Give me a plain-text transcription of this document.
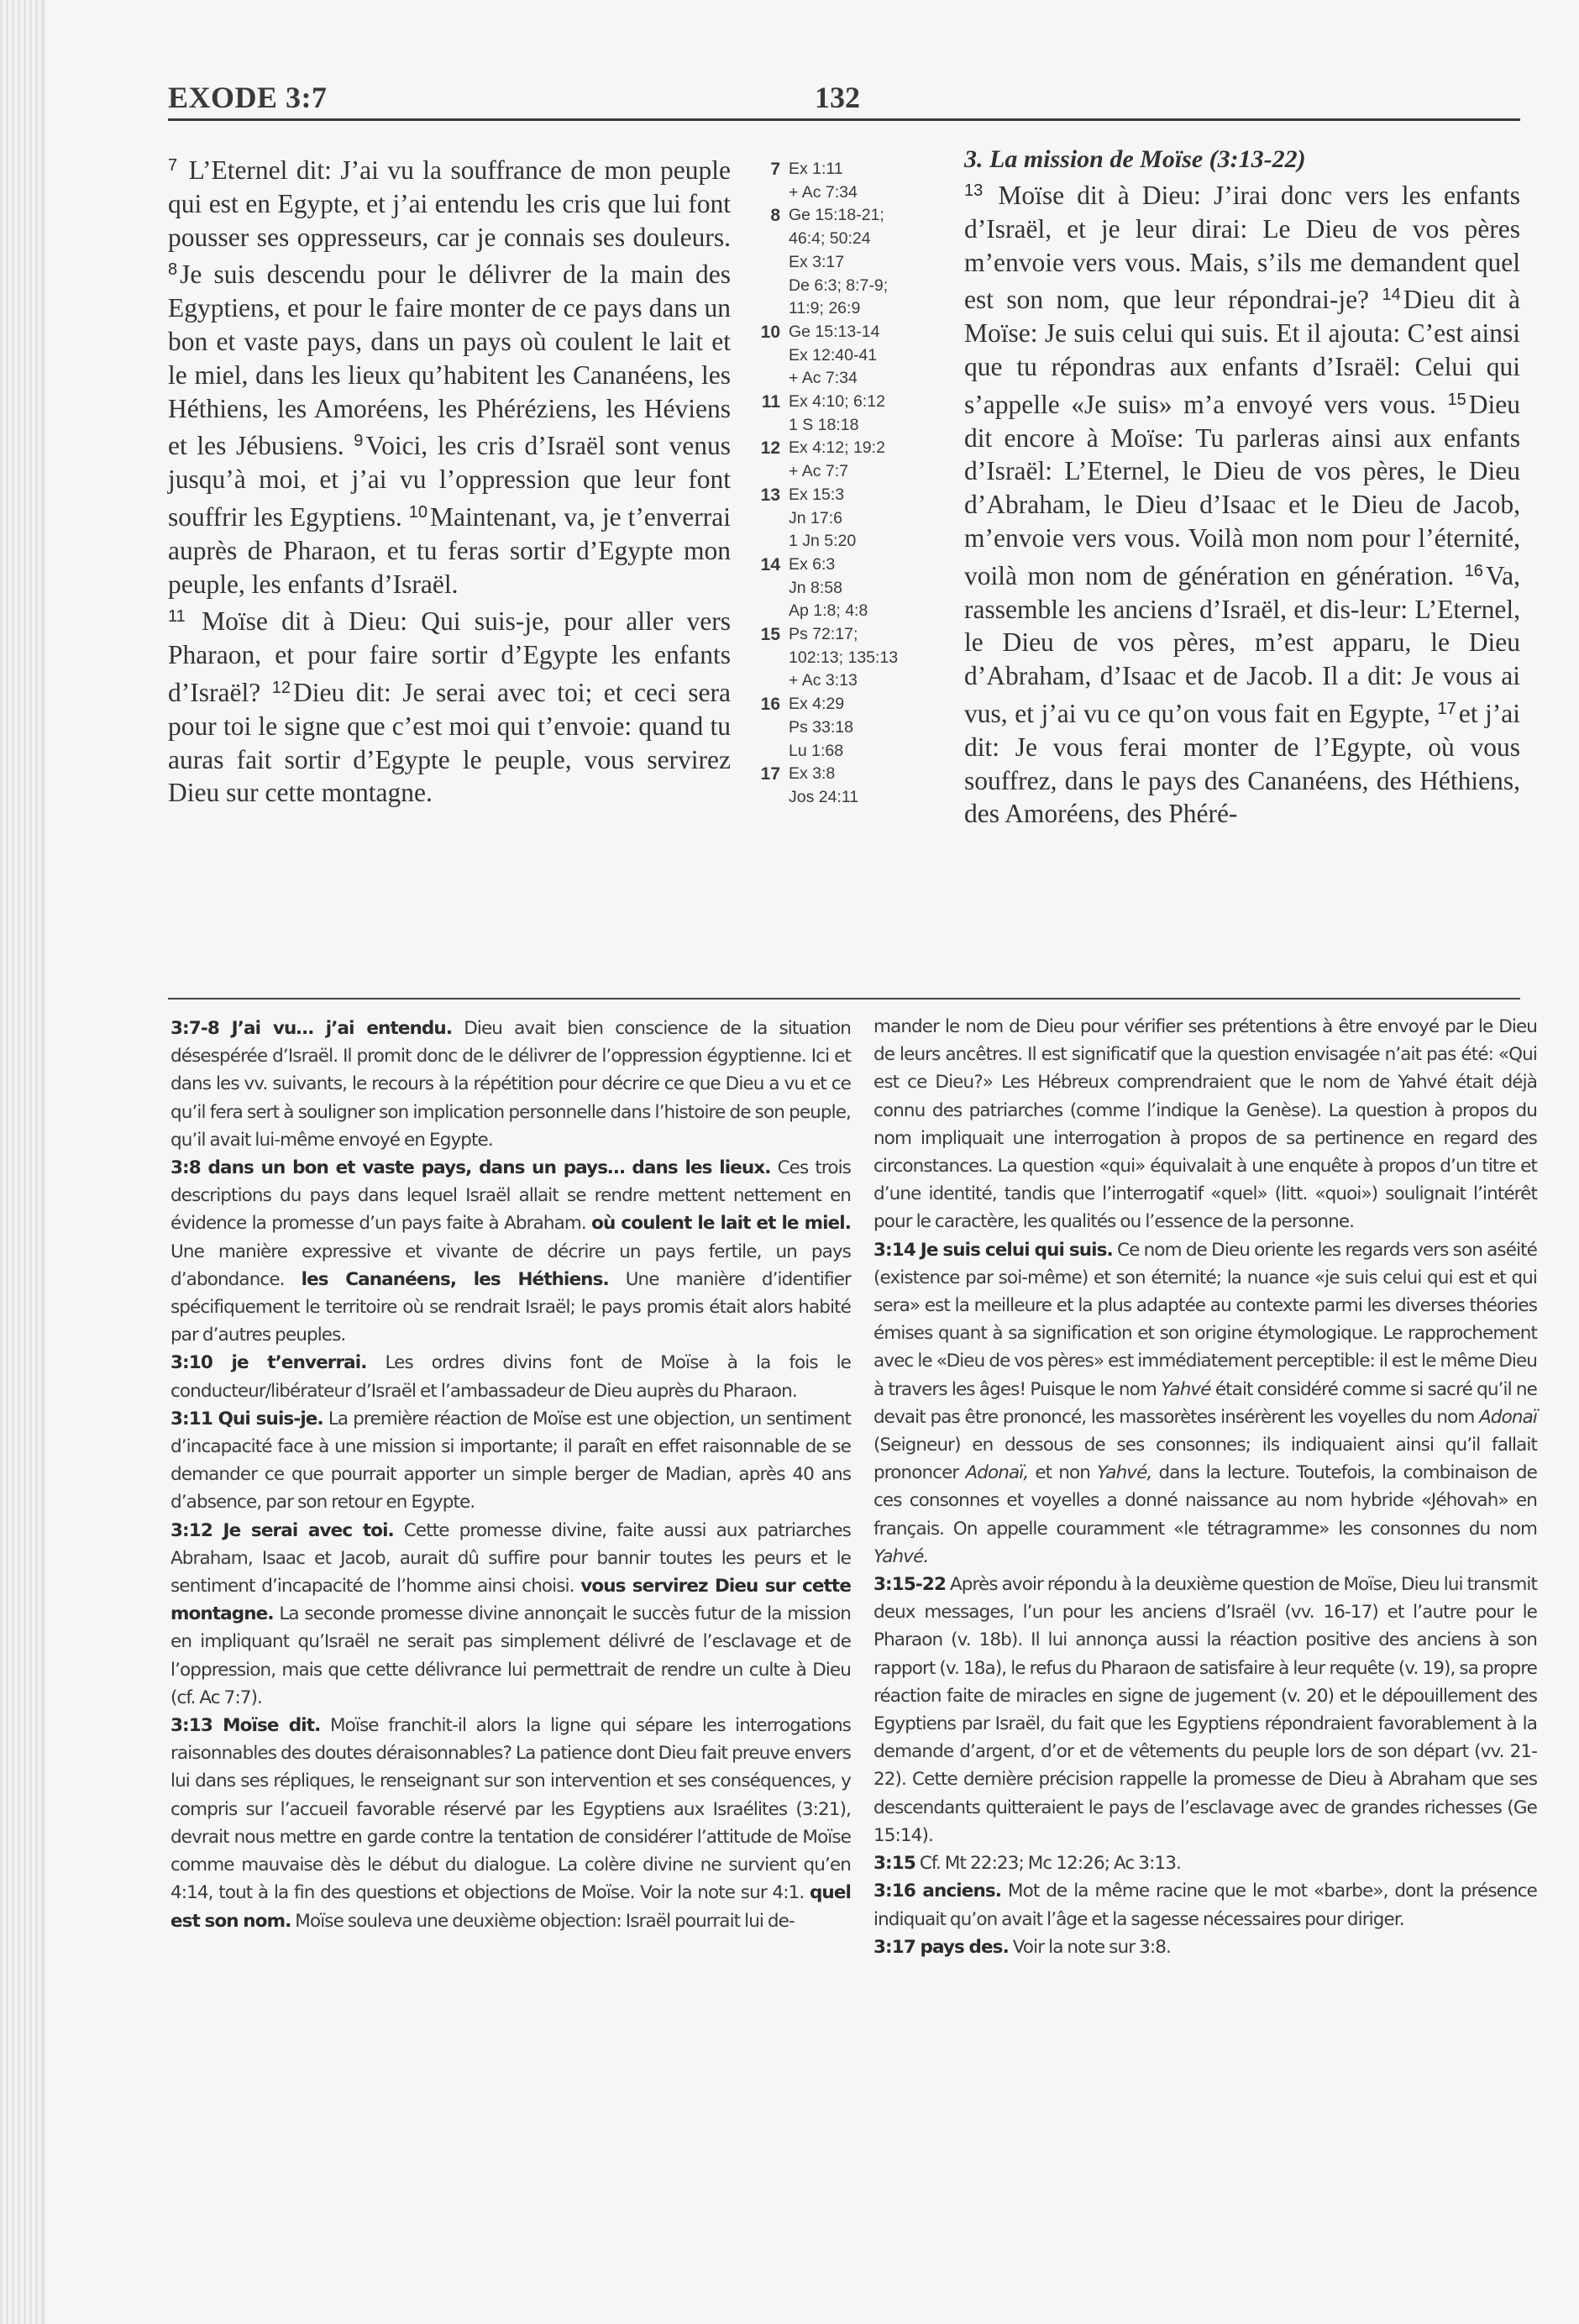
EXODE 3:7	132

$^7$ L’Eternel dit: J’ai vu la souffrance de mon peuple qui est en Egypte, et j’ai entendu les cris que lui font pousser ses oppresseurs, car je connais ses douleurs. $^8$Je suis descendu pour le délivrer de la main des Egyptiens, et pour le faire monter de ce pays dans un bon et vaste pays, dans un pays où coulent le lait et le miel, dans les lieux qu’habitent les Cananéens, les Héthiens, les Amoréens, les Phéréziens, les Héviens et les Jébusiens. $^9$Voici, les cris d’Israël sont venus jusqu’à moi, et j’ai vu l’oppression que leur font souffrir les Egyptiens. $^{10}$Maintenant, va, je t’enverrai auprès de Pharaon, et tu feras sortir d’Egypte mon peuple, les enfants d’Israël.

$^{11}$ Moïse dit à Dieu: Qui suis-je, pour aller vers Pharaon, et pour faire sortir d’Egypte les enfants d’Israël? $^{12}$Dieu dit: Je serai avec toi; et ceci sera pour toi le signe que c’est moi qui t’envoie: quand tu auras fait sortir d’Egypte le peuple, vous servirez Dieu sur cette montagne.

7 Ex 1:11
+ Ac 7:34
8 Ge 15:18-21;
46:4; 50:24
Ex 3:17
De 6:3; 8:7-9;
11:9; 26:9
10 Ge 15:13-14
Ex 12:40-41
+ Ac 7:34
11 Ex 4:10; 6:12
1 S 18:18
12 Ex 4:12; 19:2
+ Ac 7:7
13 Ex 15:3
Jn 17:6
1 Jn 5:20
14 Ex 6:3
Jn 8:58
Ap 1:8; 4:8
15 Ps 72:17;
102:13; 135:13
+ Ac 3:13
16 Ex 4:29
Ps 33:18
Lu 1:68
17 Ex 3:8
Jos 24:11

3. La mission de Moïse (3:13-22)

$^{13}$ Moïse dit à Dieu: J’irai donc vers les enfants d’Israël, et je leur dirai: Le Dieu de vos pères m’envoie vers vous. Mais, s’ils me demandent quel est son nom, que leur répondrai-je? $^{14}$Dieu dit à Moïse: Je suis celui qui suis. Et il ajouta: C’est ainsi que tu répondras aux enfants d’Israël: Celui qui s’appelle «Je suis» m’a envoyé vers vous. $^{15}$Dieu dit encore à Moïse: Tu parleras ainsi aux enfants d’Israël: L’Eternel, le Dieu de vos pères, le Dieu d’Abraham, le Dieu d’Isaac et le Dieu de Jacob, m’envoie vers vous. Voilà mon nom pour l’éternité, voilà mon nom de génération en génération. $^{16}$Va, rassemble les anciens d’Israël, et dis-leur: L’Eternel, le Dieu de vos pères, m’est apparu, le Dieu d’Abraham, d’Isaac et de Jacob. Il a dit: Je vous ai vus, et j’ai vu ce qu’on vous fait en Egypte, $^{17}$et j’ai dit: Je vous ferai monter de l’Egypte, où vous souffrez, dans le pays des Cananéens, des Héthiens, des Amoréens, des Phéré-

3:7-8 J’ai vu… j’ai entendu. Dieu avait bien conscience de la situation désespérée d’Israël. Il promit donc de le délivrer de l’oppression égyptienne. Ici et dans les vv. suivants, le recours à la répétition pour décrire ce que Dieu a vu et ce qu’il fera sert à souligner son implication personnelle dans l’histoire de son peuple, qu’il avait lui-même envoyé en Egypte.

3:8 dans un bon et vaste pays, dans un pays… dans les lieux. Ces trois descriptions du pays dans lequel Israël allait se rendre mettent nettement en évidence la promesse d’un pays faite à Abraham. où coulent le lait et le miel. Une manière expressive et vivante de décrire un pays fertile, un pays d’abondance. les Cananéens, les Héthiens. Une manière d’identifier spécifiquement le territoire où se rendrait Israël; le pays promis était alors habité par d’autres peuples.

3:10 je t’enverrai. Les ordres divins font de Moïse à la fois le conducteur/libérateur d’Israël et l’ambassadeur de Dieu auprès du Pharaon.

3:11 Qui suis-je. La première réaction de Moïse est une objection, un sentiment d’incapacité face à une mission si importante; il paraît en effet raisonnable de se demander ce que pourrait apporter un simple berger de Madian, après 40 ans d’absence, par son retour en Egypte.

3:12 Je serai avec toi. Cette promesse divine, faite aussi aux patriarches Abraham, Isaac et Jacob, aurait dû suffire pour bannir toutes les peurs et le sentiment d’incapacité de l’homme ainsi choisi. vous servirez Dieu sur cette montagne. La seconde promesse divine annonçait le succès futur de la mission en impliquant qu’Israël ne serait pas simplement délivré de l’esclavage et de l’oppression, mais que cette délivrance lui permettrait de rendre un culte à Dieu (cf. Ac 7:7).

3:13 Moïse dit. Moïse franchit-il alors la ligne qui sépare les interrogations raisonnables des doutes déraisonnables? La patience dont Dieu fait preuve envers lui dans ses répliques, le renseignant sur son intervention et ses conséquences, y compris sur l’accueil favorable réservé par les Egyptiens aux Israélites (3:21), devrait nous mettre en garde contre la tentation de considérer l’attitude de Moïse comme mauvaise dès le début du dialogue. La colère divine ne survient qu’en 4:14, tout à la fin des questions et objections de Moïse. Voir la note sur 4:1. quel est son nom. Moïse souleva une deuxième objection: Israël pourrait lui de-

mander le nom de Dieu pour vérifier ses prétentions à être envoyé par le Dieu de leurs ancêtres. Il est significatif que la question envisagée n’ait pas été: «Qui est ce Dieu?» Les Hébreux comprendraient que le nom de Yahvé était déjà connu des patriarches (comme l’indique la Genèse). La question à propos du nom impliquait une interrogation à propos de sa pertinence en regard des circonstances. La question «qui» équivalait à une enquête à propos d’un titre et d’une identité, tandis que l’interrogatif «quel» (litt. «quoi») soulignait l’intérêt pour le caractère, les qualités ou l’essence de la personne.

3:14 Je suis celui qui suis. Ce nom de Dieu oriente les regards vers son aséité (existence par soi-même) et son éternité; la nuance «je suis celui qui est et qui sera» est la meilleure et la plus adaptée au contexte parmi les diverses théories émises quant à sa signification et son origine étymologique. Le rapprochement avec le «Dieu de vos pères» est immédiatement perceptible: il est le même Dieu à travers les âges! Puisque le nom Yahvé était considéré comme si sacré qu’il ne devait pas être prononcé, les massorètes insérèrent les voyelles du nom Adonaï (Seigneur) en dessous de ses consonnes; ils indiquaient ainsi qu’il fallait prononcer Adonaï, et non Yahvé, dans la lecture. Toutefois, la combinaison de ces consonnes et voyelles a donné naissance au nom hybride «Jéhovah» en français. On appelle couramment «le tétragramme» les consonnes du nom Yahvé.

3:15-22 Après avoir répondu à la deuxième question de Moïse, Dieu lui transmit deux messages, l’un pour les anciens d’Israël (vv. 16-17) et l’autre pour le Pharaon (v. 18b). Il lui annonça aussi la réaction positive des anciens à son rapport (v. 18a), le refus du Pharaon de satisfaire à leur requête (v. 19), sa propre réaction faite de miracles en signe de jugement (v. 20) et le dépouillement des Egyptiens par Israël, du fait que les Egyptiens répondraient favorablement à la demande d’argent, d’or et de vêtements du peuple lors de son départ (vv. 21-22). Cette dernière précision rappelle la promesse de Dieu à Abraham que ses descendants quitteraient le pays de l’esclavage avec de grandes richesses (Ge 15:14).

3:15 Cf. Mt 22:23; Mc 12:26; Ac 3:13.

3:16 anciens. Mot de la même racine que le mot «barbe», dont la présence indiquait qu’on avait l’âge et la sagesse nécessaires pour diriger.

3:17 pays des. Voir la note sur 3:8.
